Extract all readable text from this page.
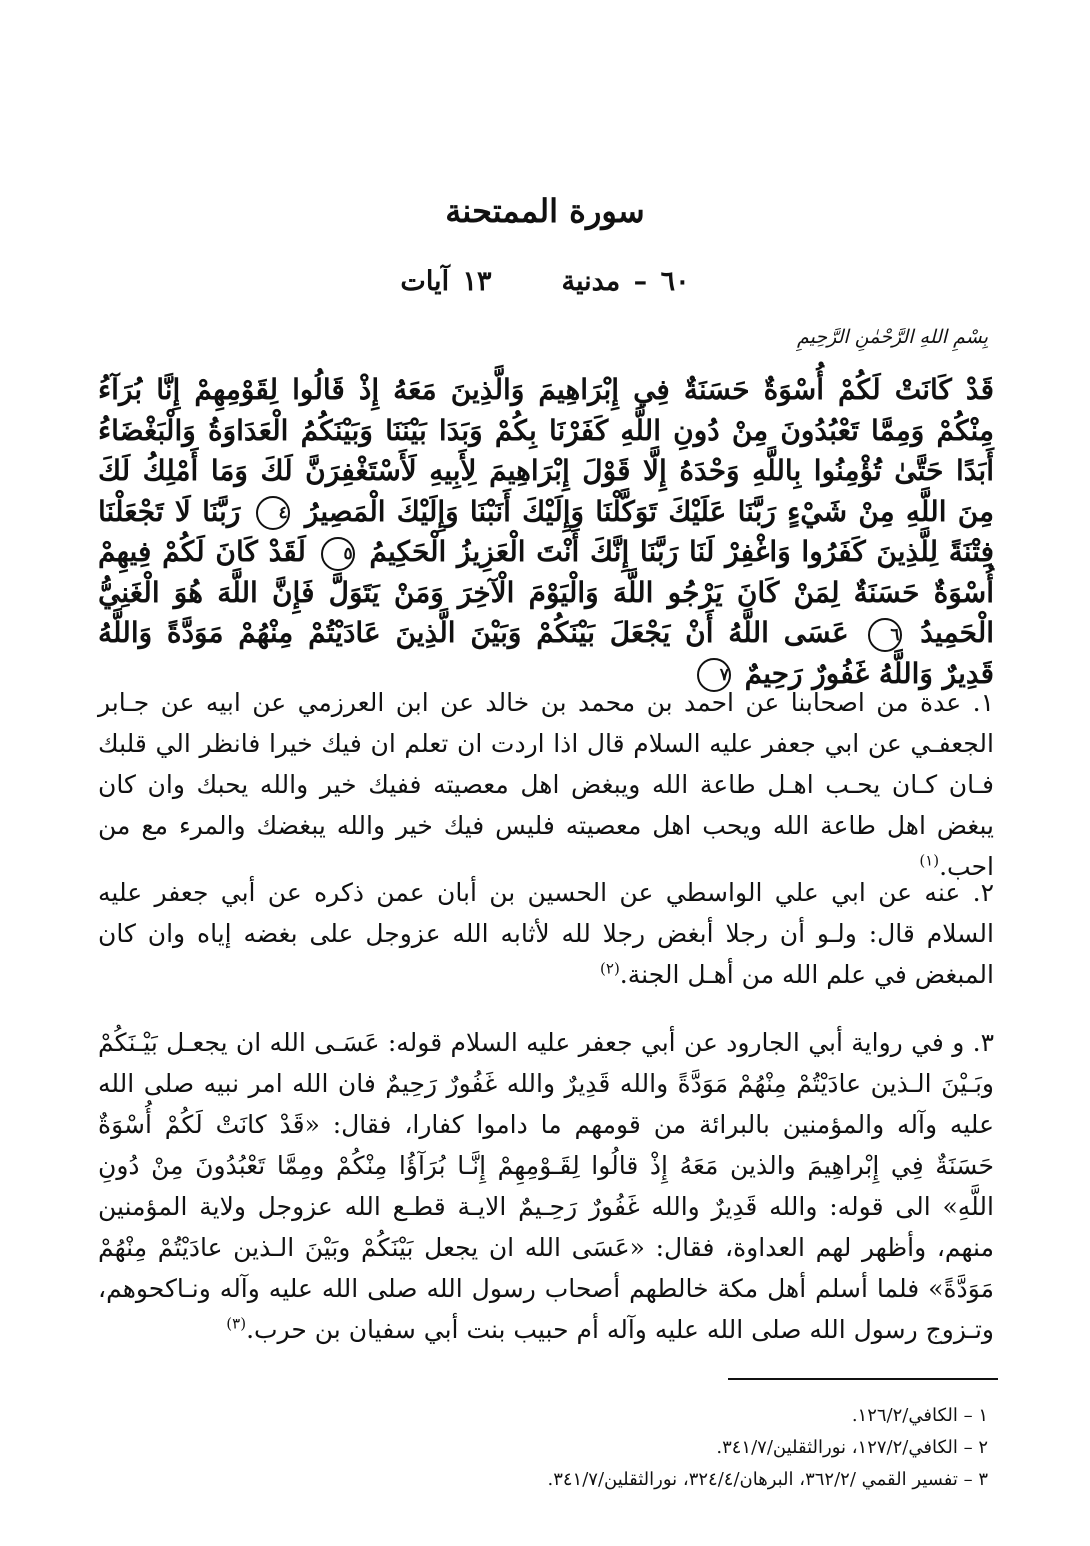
سورة الممتحنة
٦٠ – مدنية١٣ آيات
بِسْمِ اللهِ الرَّحْمٰنِ الرَّحِيمِ
قَدْ كَانَتْ لَكُمْ أُسْوَةٌ حَسَنَةٌ فِي إِبْرَاهِيمَ وَالَّذِينَ مَعَهُ إِذْ قَالُوا لِقَوْمِهِمْ إِنَّا بُرَآءُ مِنْكُمْ وَمِمَّا تَعْبُدُونَ مِنْ دُونِ اللَّهِ كَفَرْنَا بِكُمْ وَبَدَا بَيْنَنَا وَبَيْنَكُمُ الْعَدَاوَةُ وَالْبَغْضَاءُ أَبَدًا حَتَّىٰ تُؤْمِنُوا بِاللَّهِ وَحْدَهُ إِلَّا قَوْلَ إِبْرَاهِيمَ لِأَبِيهِ لَأَسْتَغْفِرَنَّ لَكَ وَمَا أَمْلِكُ لَكَ مِنَ اللَّهِ مِنْ شَيْءٍ رَبَّنَا عَلَيْكَ تَوَكَّلْنَا وَإِلَيْكَ أَنَبْنَا وَإِلَيْكَ الْمَصِيرُ ٤ رَبَّنَا لَا تَجْعَلْنَا فِتْنَةً لِلَّذِينَ كَفَرُوا وَاغْفِرْ لَنَا رَبَّنَا إِنَّكَ أَنْتَ الْعَزِيزُ الْحَكِيمُ ٥ لَقَدْ كَانَ لَكُمْ فِيهِمْ أُسْوَةٌ حَسَنَةٌ لِمَنْ كَانَ يَرْجُو اللَّهَ وَالْيَوْمَ الْآخِرَ وَمَنْ يَتَوَلَّ فَإِنَّ اللَّهَ هُوَ الْغَنِيُّ الْحَمِيدُ ٦ عَسَى اللَّهُ أَنْ يَجْعَلَ بَيْنَكُمْ وَبَيْنَ الَّذِينَ عَادَيْتُمْ مِنْهُمْ مَوَدَّةً وَاللَّهُ قَدِيرٌ وَاللَّهُ غَفُورٌ رَحِيمٌ ٧
١. عدة من اصحابنا عن احمد بن محمد بن خالد عن ابن العرزمي عن ابيه عن جـابر الجعفـي عن ابي جعفر عليه السلام قال اذا اردت ان تعلم ان فيك خيرا فانظر الي قلبك فـان كـان يحـب اهـل طاعة الله ويبغض اهل معصيته ففيك خير والله يحبك وان كان يبغض اهل طاعة الله ويحب اهل معصيته فليس فيك خير والله يبغضك والمرء مع من احب.$^{(١)}$
٢. عنه عن ابي علي الواسطي عن الحسين بن أبان عمن ذكره عن أبي جعفر عليه السلام قال: ولـو أن رجلا أبغض رجلا لله لأثابه الله عزوجل على بغضه إياه وان كان المبغض في علم الله من أهـل الجنة.$^{(٢)}$
٣. و في رواية أبي الجارود عن أبي جعفر عليه السلام قوله: عَسَـى الله ان يجعـل بَيْـنَكُمْ وبَـيْنَ الـذين عادَيْتُمْ مِنْهُمْ مَوَدَّةً والله قَدِيرٌ والله غَفُورٌ رَحِيمٌ فان الله امر نبيه صلى الله عليه وآله والمؤمنين بالبرائة من قومهم ما داموا كفارا، فقال: «قَدْ كانَتْ لَكُمْ أُسْوَةٌ حَسَنَةٌ فِي إِبْراهِيمَ والذين مَعَهُ إِذْ قالُوا لِقَـوْمِهِمْ إِنَّـا بُرَآؤُا مِنْكُمْ ومِمَّا تَعْبُدُونَ مِنْ دُونِ اللَّهِ» الى قوله: والله قَدِيرٌ والله غَفُورٌ رَحِـيمٌ الايـة قطـع الله عزوجل ولاية المؤمنين منهم، وأظهر لهم العداوة، فقال: «عَسَى الله ان يجعل بَيْنَكُمْ وبَيْنَ الـذين عادَيْتُمْ مِنْهُمْ مَوَدَّةً» فلما أسلم أهل مكة خالطهم أصحاب رسول الله صلى الله عليه وآله ونـاكحوهم، وتـزوج رسول الله صلى الله عليه وآله أم حبيب بنت أبي سفيان بن حرب.$^{(٣)}$
١ – الكافي/١٢٦/٢.
٢ – الكافي/١٢٧/٢، نورالثقلين/٣٤١/٧.
٣ – تفسير القمي /٣٦٢/٢، البرهان/٣٢٤/٤، نورالثقلين/٣٤١/٧.
